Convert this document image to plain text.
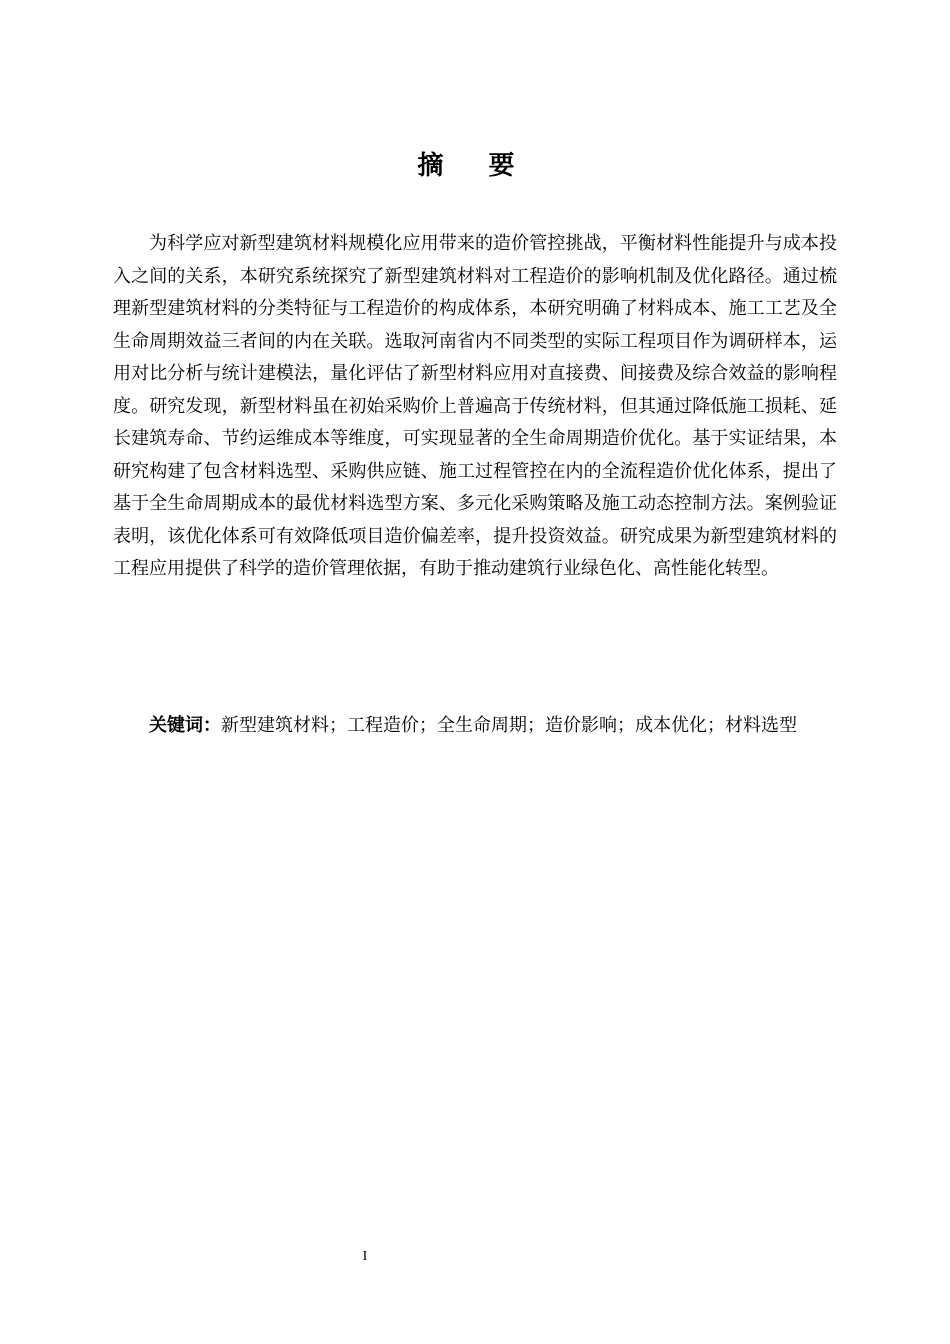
摘 要

为科学应对新型建筑材料规模化应用带来的造价管控挑战，平衡材料性能提升与成本投入之间的关系，本研究系统探究了新型建筑材料对工程造价的影响机制及优化路径。通过梳理新型建筑材料的分类特征与工程造价的构成体系，本研究明确了材料成本、施工工艺及全生命周期效益三者间的内在关联。选取河南省内不同类型的实际工程项目作为调研样本，运用对比分析与统计建模法，量化评估了新型材料应用对直接费、间接费及综合效益的影响程度。研究发现，新型材料虽在初始采购价上普遍高于传统材料，但其通过降低施工损耗、延长建筑寿命、节约运维成本等维度，可实现显著的全生命周期造价优化。基于实证结果，本研究构建了包含材料选型、采购供应链、施工过程管控在内的全流程造价优化体系，提出了基于全生命周期成本的最优材料选型方案、多元化采购策略及施工动态控制方法。案例验证表明，该优化体系可有效降低项目造价偏差率，提升投资效益。研究成果为新型建筑材料的工程应用提供了科学的造价管理依据，有助于推动建筑行业绿色化、高性能化转型。

关键词：新型建筑材料；工程造价；全生命周期；造价影响；成本优化；材料选型

I
